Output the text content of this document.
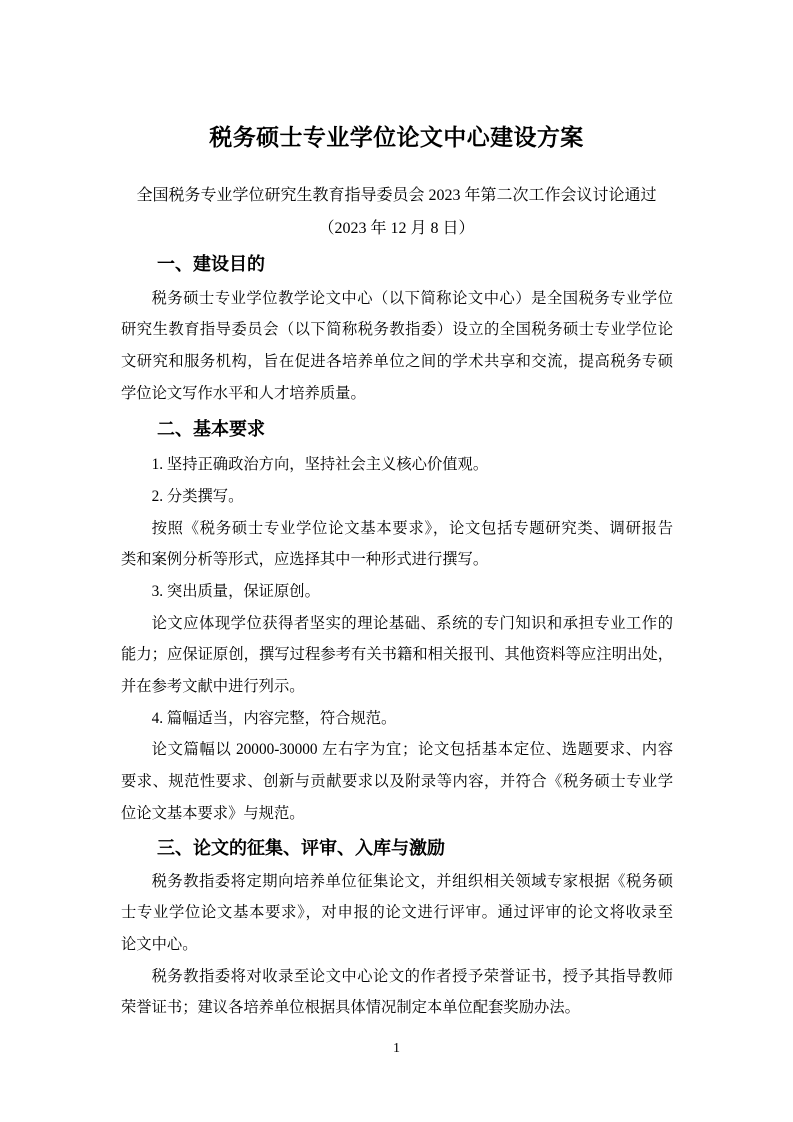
税务硕士专业学位论文中心建设方案
全国税务专业学位研究生教育指导委员会 2023 年第二次工作会议讨论通过
（2023 年 12 月 8 日）
一、建设目的
税务硕士专业学位教学论文中心（以下简称论文中心）是全国税务专业学位
研究生教育指导委员会（以下简称税务教指委）设立的全国税务硕士专业学位论
文研究和服务机构，旨在促进各培养单位之间的学术共享和交流，提高税务专硕
学位论文写作水平和人才培养质量。
二、基本要求
1. 坚持正确政治方向，坚持社会主义核心价值观。
2. 分类撰写。
按照《税务硕士专业学位论文基本要求》，论文包括专题研究类、调研报告
类和案例分析等形式，应选择其中一种形式进行撰写。
3. 突出质量，保证原创。
论文应体现学位获得者坚实的理论基础、系统的专门知识和承担专业工作的
能力；应保证原创，撰写过程参考有关书籍和相关报刊、其他资料等应注明出处，
并在参考文献中进行列示。
4. 篇幅适当，内容完整，符合规范。
论文篇幅以 20000-30000 左右字为宜；论文包括基本定位、选题要求、内容
要求、规范性要求、创新与贡献要求以及附录等内容，并符合《税务硕士专业学
位论文基本要求》与规范。
三、论文的征集、评审、入库与激励
税务教指委将定期向培养单位征集论文，并组织相关领域专家根据《税务硕
士专业学位论文基本要求》，对申报的论文进行评审。通过评审的论文将收录至
论文中心。
税务教指委将对收录至论文中心论文的作者授予荣誉证书，授予其指导教师
荣誉证书；建议各培养单位根据具体情况制定本单位配套奖励办法。
1
